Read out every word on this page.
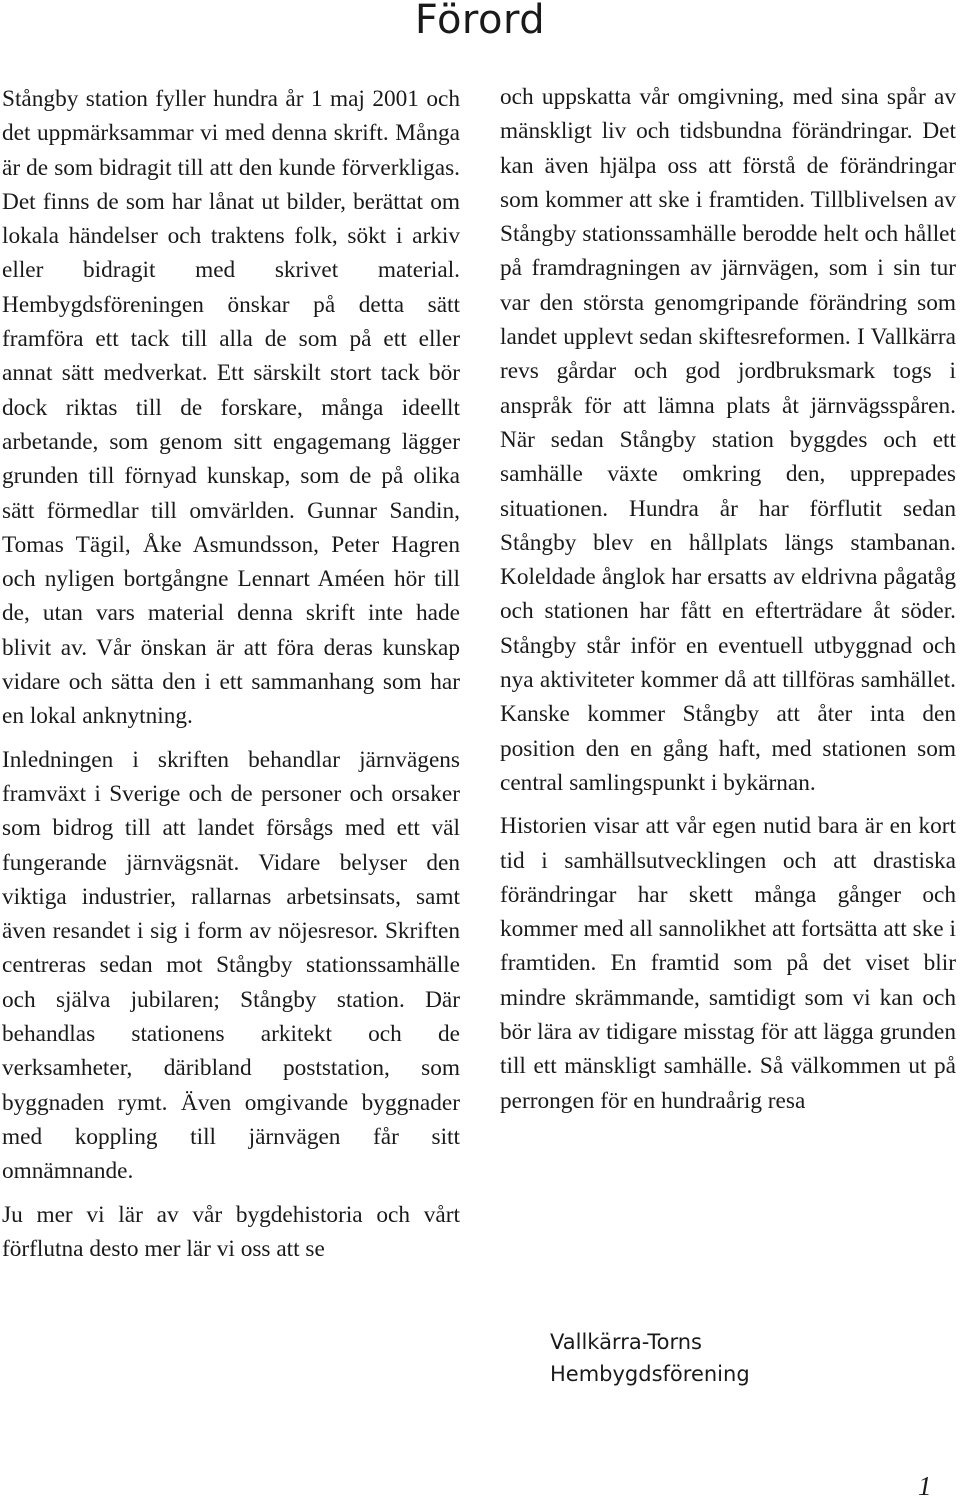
Förord

Stångby station fyller hundra år 1 maj 2001 och det uppmärksammar vi med denna skrift. Många är de som bidragit till att den kunde förverkligas. Det finns de som har lånat ut bilder, berättat om lokala händelser och traktens folk, sökt i arkiv eller bidragit med skrivet material. Hembygdsföreningen önskar på detta sätt framföra ett tack till alla de som på ett eller annat sätt medverkat. Ett särskilt stort tack bör dock riktas till de forskare, många ideellt arbetande, som genom sitt engagemang lägger grunden till förnyad kunskap, som de på olika sätt förmedlar till omvärlden. Gunnar Sandin, Tomas Tägil, Åke Asmundsson, Peter Hagren och nyligen bortgångne Lennart Améen hör till de, utan vars material denna skrift inte hade blivit av. Vår önskan är att föra deras kunskap vidare och sätta den i ett sammanhang som har en lokal anknytning.

Inledningen i skriften behandlar järnvägens framväxt i Sverige och de personer och orsaker som bidrog till att landet försågs med ett väl fungerande järnvägsnät. Vidare belyser den viktiga industrier, rallarnas arbetsinsats, samt även resandet i sig i form av nöjesresor. Skriften centreras sedan mot Stångby stationssamhälle och själva jubilaren; Stångby station. Där behandlas stationens arkitekt och de verksamheter, däribland poststation, som byggnaden rymt. Även omgivande byggnader med koppling till järnvägen får sitt omnämnande.

Ju mer vi lär av vår bygdehistoria och vårt förflutna desto mer lär vi oss att se

och uppskatta vår omgivning, med sina spår av mänskligt liv och tidsbundna förändringar. Det kan även hjälpa oss att förstå de förändringar som kommer att ske i framtiden. Tillblivelsen av Stångby stationssamhälle berodde helt och hållet på framdragningen av järnvägen, som i sin tur var den största genomgripande förändring som landet upplevt sedan skiftesreformen. I Vallkärra revs gårdar och god jordbruksmark togs i anspråk för att lämna plats åt järnvägsspåren. När sedan Stångby station byggdes och ett samhälle växte omkring den, upprepades situationen. Hundra år har förflutit sedan Stångby blev en hållplats längs stambanan. Koleldade ånglok har ersatts av eldrivna pågatåg och stationen har fått en efterträdare åt söder. Stångby står inför en eventuell utbyggnad och nya aktiviteter kommer då att tillföras samhället. Kanske kommer Stångby att åter inta den position den en gång haft, med stationen som central samlingspunkt i bykärnan.

Historien visar att vår egen nutid bara är en kort tid i samhällsutvecklingen och att drastiska förändringar har skett många gånger och kommer med all sannolikhet att fortsätta att ske i framtiden. En framtid som på det viset blir mindre skrämmande, samtidigt som vi kan och bör lära av tidigare misstag för att lägga grunden till ett mänskligt samhälle. Så välkommen ut på perrongen för en hundraårig resa

Vallkärra-Torns
Hembygdsförening
1
